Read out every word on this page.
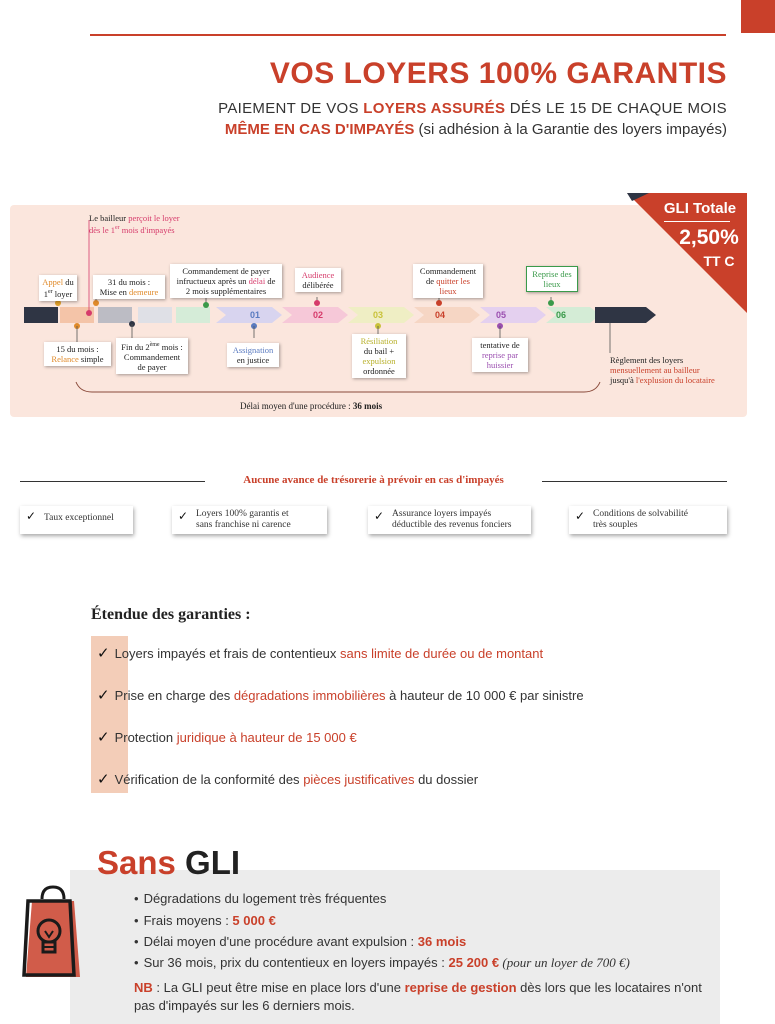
VOS LOYERS 100% GARANTIS
PAIEMENT DE VOS LOYERS ASSURÉS DÉS LE 15 DE CHAQUE MOIS
MÊME EN CAS D'IMPAYÉS (si adhésion à la Garantie des loyers impayés)
01	02	03	04	05	06
Le bailleur perçoit le loyer
dès le 1er mois d'impayés
Appel du
1er loyer
31 du mois :
Mise en demeure
Commandement de payer
infructueux après un délai de
2 mois supplémentaires
Audience
délibérée
Commandement
de quitter les
lieux
Reprise des
lieux
15 du mois :
Relance simple
Fin du 2ème mois :
Commandement
de payer
Assignation
en justice
Résiliation
du bail +
expulsion
ordonnée
tentative de
reprise par
huissier	Règlement des loyers
mensuellement au bailleur
jusqu'à l'explusion du locataire
Délai moyen d'une procédure : 36 mois
GLI Totale
2,50%
TT C
Aucune avance de trésorerie à prévoir en cas d'impayés
✓ Taux exceptionnel	✓ Loyers 100% garantis et
sans franchise ni carence
✓ Assurance loyers impayés
déductible des revenus fonciers
✓ Conditions de solvabilité
très souples
Étendue des garanties :
✓ Loyers impayés et frais de contentieux sans limite de durée ou de montant
✓ Prise en charge des dégradations immobilières à hauteur de 10 000 € par sinistre
✓ Protection juridique à hauteur de 15 000 €
✓ Vérification de la conformité des pièces justificatives du dossier
Sans GLI
• Dégradations du logement très fréquentes
• Frais moyens : 5 000 €
• Délai moyen d'une procédure avant expulsion : 36 mois
• Sur 36 mois, prix du contentieux en loyers impayés : 25 200 € (pour un loyer de 700 €)
NB : La GLI peut être mise en place lors d'une reprise de gestion dès lors que les locataires n'ont pas d'impayés sur les 6 derniers mois.
